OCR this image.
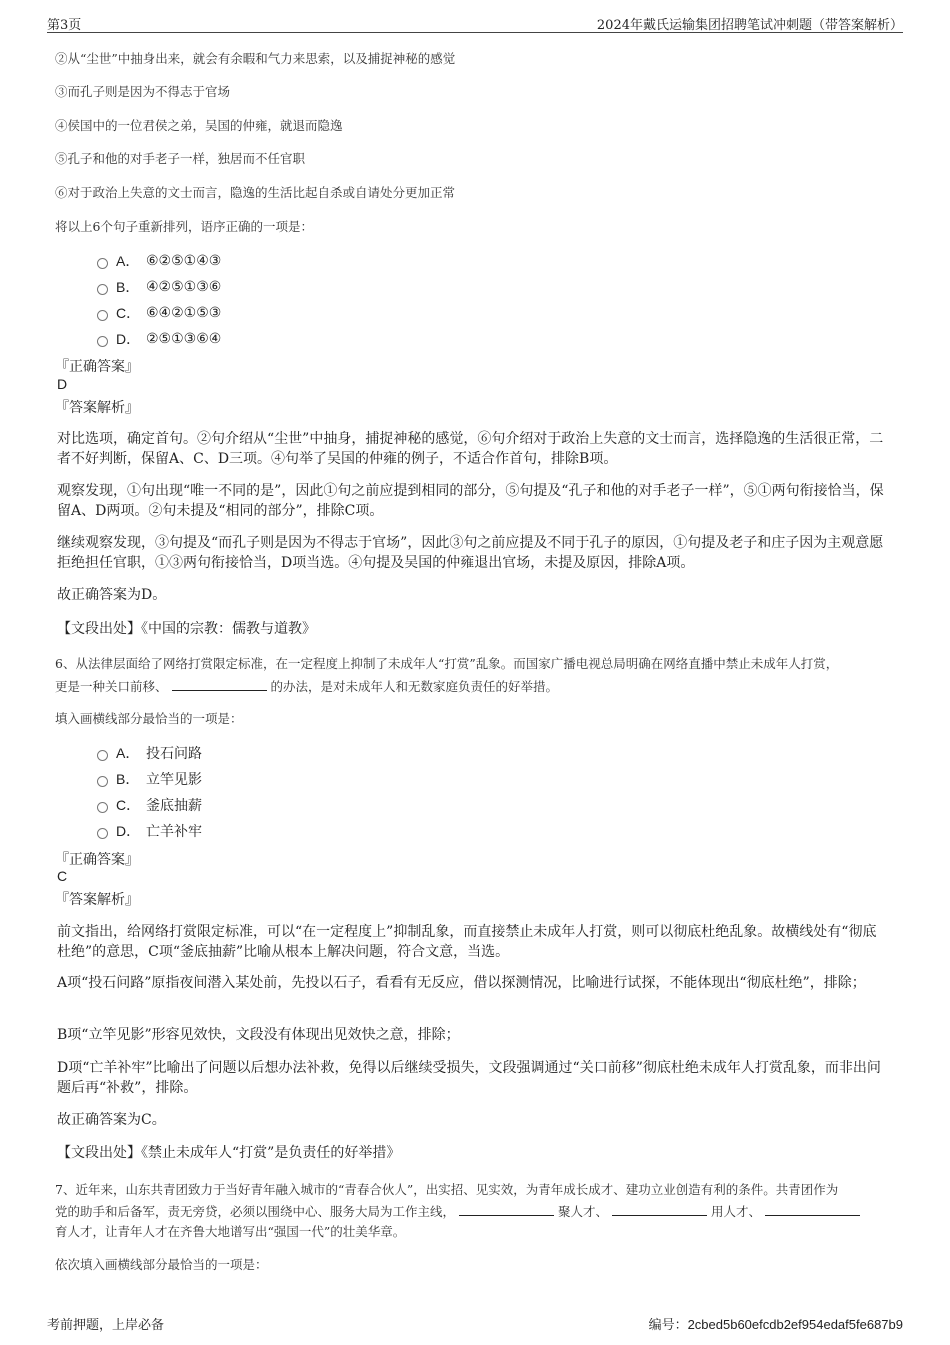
第3页	2024年戴氏运输集团招聘笔试冲刺题（带答案解析）
②从“尘世”中抽身出来，就会有余暇和气力来思索，以及捕捉神秘的感觉
③而孔子则是因为不得志于官场
④侯国中的一位君侯之弟，吴国的仲雍，就退而隐逸
⑤孔子和他的对手老子一样，独居而不任官职
⑥对于政治上失意的文士而言，隐逸的生活比起自杀或自请处分更加正常
将以上6个句子重新排列，语序正确的一项是：
A． ⑥②⑤①④③
B． ④②⑤①③⑥
C． ⑥④②①⑤③
D． ②⑤①③⑥④
『正确答案』
D
『答案解析』
对比选项，确定首句。②句介绍从“尘世”中抽身，捕捉神秘的感觉，⑥句介绍对于政治上失意的文士而言，选择隐逸的生活很正常，二者不好判断，保留A、C、D三项。④句举了吴国的仲雍的例子，不适合作首句，排除B项。
观察发现，①句出现“唯一不同的是”，因此①句之前应提到相同的部分，⑤句提及“孔子和他的对手老子一样”，⑤①两句衔接恰当，保留A、D两项。②句未提及“相同的部分”，排除C项。
继续观察发现，③句提及“而孔子则是因为不得志于官场”，因此③句之前应提及不同于孔子的原因，①句提及老子和庄子因为主观意愿拒绝担任官职，①③两句衔接恰当，D项当选。④句提及吴国的仲雍退出官场，未提及原因，排除A项。
故正确答案为D。
【文段出处】《中国的宗教：儒教与道教》
6、从法律层面给了网络打赏限定标准，在一定程度上抑制了未成年人“打赏”乱象。而国家广播电视总局明确在网络直播中禁止未成年人打赏，
更是一种关口前移、	的办法，是对未成年人和无数家庭负责任的好举措。
填入画横线部分最恰当的一项是：
A． 投石问路
B． 立竿见影
C． 釜底抽薪
D． 亡羊补牢
『正确答案』
C
『答案解析』
前文指出，给网络打赏限定标准，可以“在一定程度上”抑制乱象，而直接禁止未成年人打赏，则可以彻底杜绝乱象。故横线处有“彻底杜绝”的意思，C项“釜底抽薪”比喻从根本上解决问题，符合文意，当选。
A项“投石问路”原指夜间潜入某处前，先投以石子，看看有无反应，借以探测情况，比喻进行试探，不能体现出“彻底杜绝”，排除；
B项“立竿见影”形容见效快，文段没有体现出见效快之意，排除；
D项“亡羊补牢”比喻出了问题以后想办法补救，免得以后继续受损失，文段强调通过“关口前移”彻底杜绝未成年人打赏乱象，而非出问题后再“补救”，排除。
故正确答案为C。
【文段出处】《禁止未成年人“打赏”是负责任的好举措》
7、近年来，山东共青团致力于当好青年融入城市的“青春合伙人”，出实招、见实效，为青年成长成才、建功立业创造有利的条件。共青团作为
党的助手和后备军，责无旁贷，必须以围绕中心、服务大局为工作主线，	聚人才、	用人才、
育人才，让青年人才在齐鲁大地谱写出“强国一代”的壮美华章。
依次填入画横线部分最恰当的一项是：
考前押题，上岸必备	编号：2cbed5b60efcdb2ef954edaf5fe687b9
